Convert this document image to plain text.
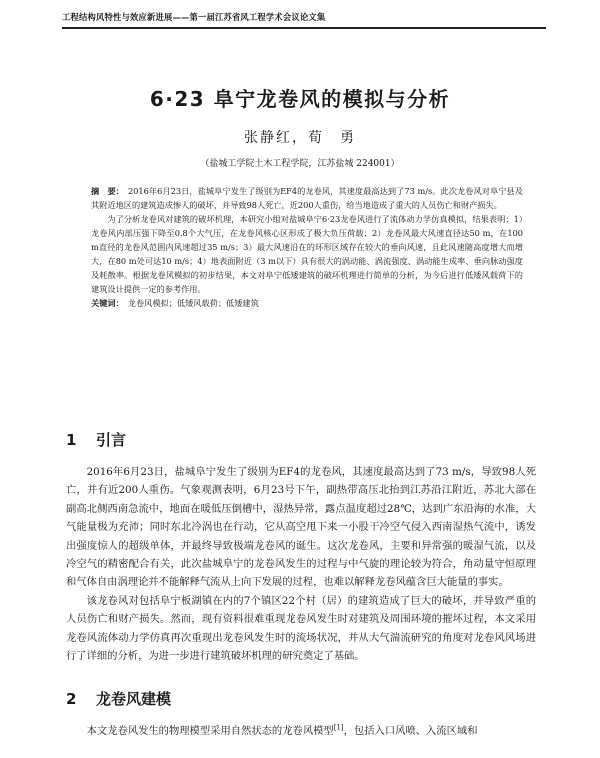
工程结构风特性与效应新进展——第一届江苏省风工程学术会议论文集
6·23 阜宁龙卷风的模拟与分析
张静红，荀　勇
（盐城工学院土木工程学院，江苏盐城 224001）

摘　要： 2016年6月23日，盐城阜宁发生了级别为EF4的龙卷风，其速度最高达到了73 m/s。此次龙卷风对阜宁县及其附近地区的建筑造成惨人的破坏，并导致98人死亡，近200人重伤，给当地造成了重大的人员伤亡和财产损失。

为了分析龙卷风对建筑的破坏机理，本研究小组对盐城阜宁6·23龙卷风进行了流体动力学仿真模拟，结果表明：1）龙卷风内部压强下降至0.8个大气压，在龙卷风核心区形成了极大负压荷载；2）龙卷风最大风速直径达50 m，在100 m直径的龙卷风范围内风速超过35 m/s；3）最大风速沿在的环形区域存在较大的垂向风速，且此风速随高度增大而增大，在80 m处可达10 m/s；4）地表面附近（3 m以下）具有很大的涡动能、涡流强度、涡动能生成率、垂向脉动强度及耗散率。根据龙卷风模拟的初步结果，本文对阜宁低矮建筑的破坏机理进行简单的分析，为今后进行低矮风载荷下的建筑设计提供一定的参考作用。

关键词： 龙卷风模拟；低矮风载荷；低矮建筑

1 引言

2016年6月23日，盐城阜宁发生了级别为EF4的龙卷风，其速度最高达到了73 m/s，导致98人死亡，并有近200人重伤。气象观测表明，6月23号下午，副热带高压北抬到江苏沿江附近，苏北大部在副高北侧西南急流中，地面在暖低压倒槽中，湿热异常，露点温度超过28℃，达到广东沿海的水准，大气能量极为充沛；同时东北冷涡也在行动，它从高空甩下来一小股干冷空气侵入西南湿热气流中，诱发出强度惊人的超级单体，并最终导致极端龙卷风的诞生。这次龙卷风，主要和异常强的暖湿气流，以及冷空气的精密配合有关，此次盐城阜宁的龙卷风发生的过程与中气旋的理论较为符合，角动量守恒原理和气体自由涡理论并不能解释气流从上向下发展的过程，也难以解释龙卷风蕴含巨大能量的事实。

该龙卷风对包括阜宁板湖镇在内的7个镇区22个村（居）的建筑造成了巨大的破坏，并导致严重的人员伤亡和财产损失。然而，现有资料很难重现龙卷风发生时对建筑及周围环境的摧坏过程，本文采用龙卷风流体动力学仿真再次重现出龙卷风发生时的流场状况，并从大气湍流研究的角度对龙卷风风场进行了详细的分析，为进一步进行建筑破坏机理的研究奠定了基础。

2 龙卷风建模

本文龙卷风发生的物理模型采用自然状态的龙卷风模型[1]，包括入口风喷、入流区域和
